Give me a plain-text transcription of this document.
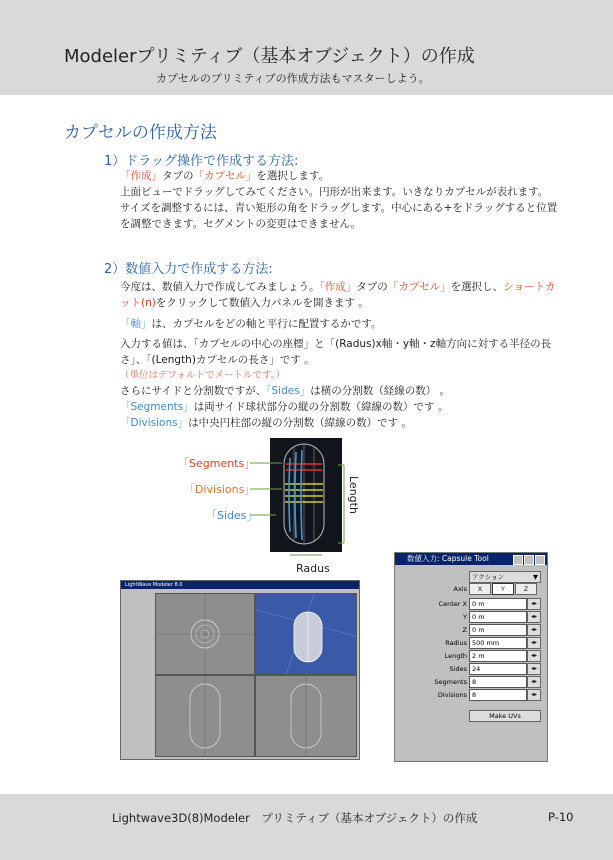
Modelerプリミティブ（基本オブジェクト）の作成
カプセルのプリミティブの作成方法もマスターしよう。
カプセルの作成方法
1）ドラッグ操作で作成する方法:
「作成」タブの「カプセル」を選択します。
上面ビューでドラッグしてみてください。円形が出来ます。いきなりカプセルが表れます。
サイズを調整するには、青い矩形の角をドラッグします。中心にある+をドラッグすると位置を調整できます。セグメントの変更はできません。
2）数値入力で作成する方法:
今度は、数値入力で作成してみましょう。「作成」タブの「カプセル」を選択し、ショートカット(n)をクリックして数値入力パネルを開きます 。
「軸」は、カプセルをどの軸と平行に配置するかです。
入力する値は、「カプセルの中心の座標」と「(Radus)x軸・y軸・z軸方向に対する半径の長さ」、「(Length)カプセルの長さ」です 。
（単位はデフォルトでメートルです。）
さらにサイドと分割数ですが、「Sides」は横の分割数（経線の数） 。
「Segments」は両サイド球状部分の縦の分割数（緯線の数）です 。
「Divisions」は中央円柱部の縦の分割数（緯線の数）です 。
「Segments」
「Divisions」
「Sides」
Length
Radus
LightWave Modeler 8.0
数値入力: Capsule Tool
アクション	▼
Axis	X	Y	Z
Center X 0 m	◂▸
Y 0 m	◂▸
Z 0 m	◂▸
Radius 500 mm	◂▸
Length 2 m	◂▸
Sides 24	◂▸
Segments 8	◂▸
Divisions 8	◂▸
Make UVs
Lightwave3D(8)Modeler　プリミティブ（基本オブジェクト）の作成	P-10
